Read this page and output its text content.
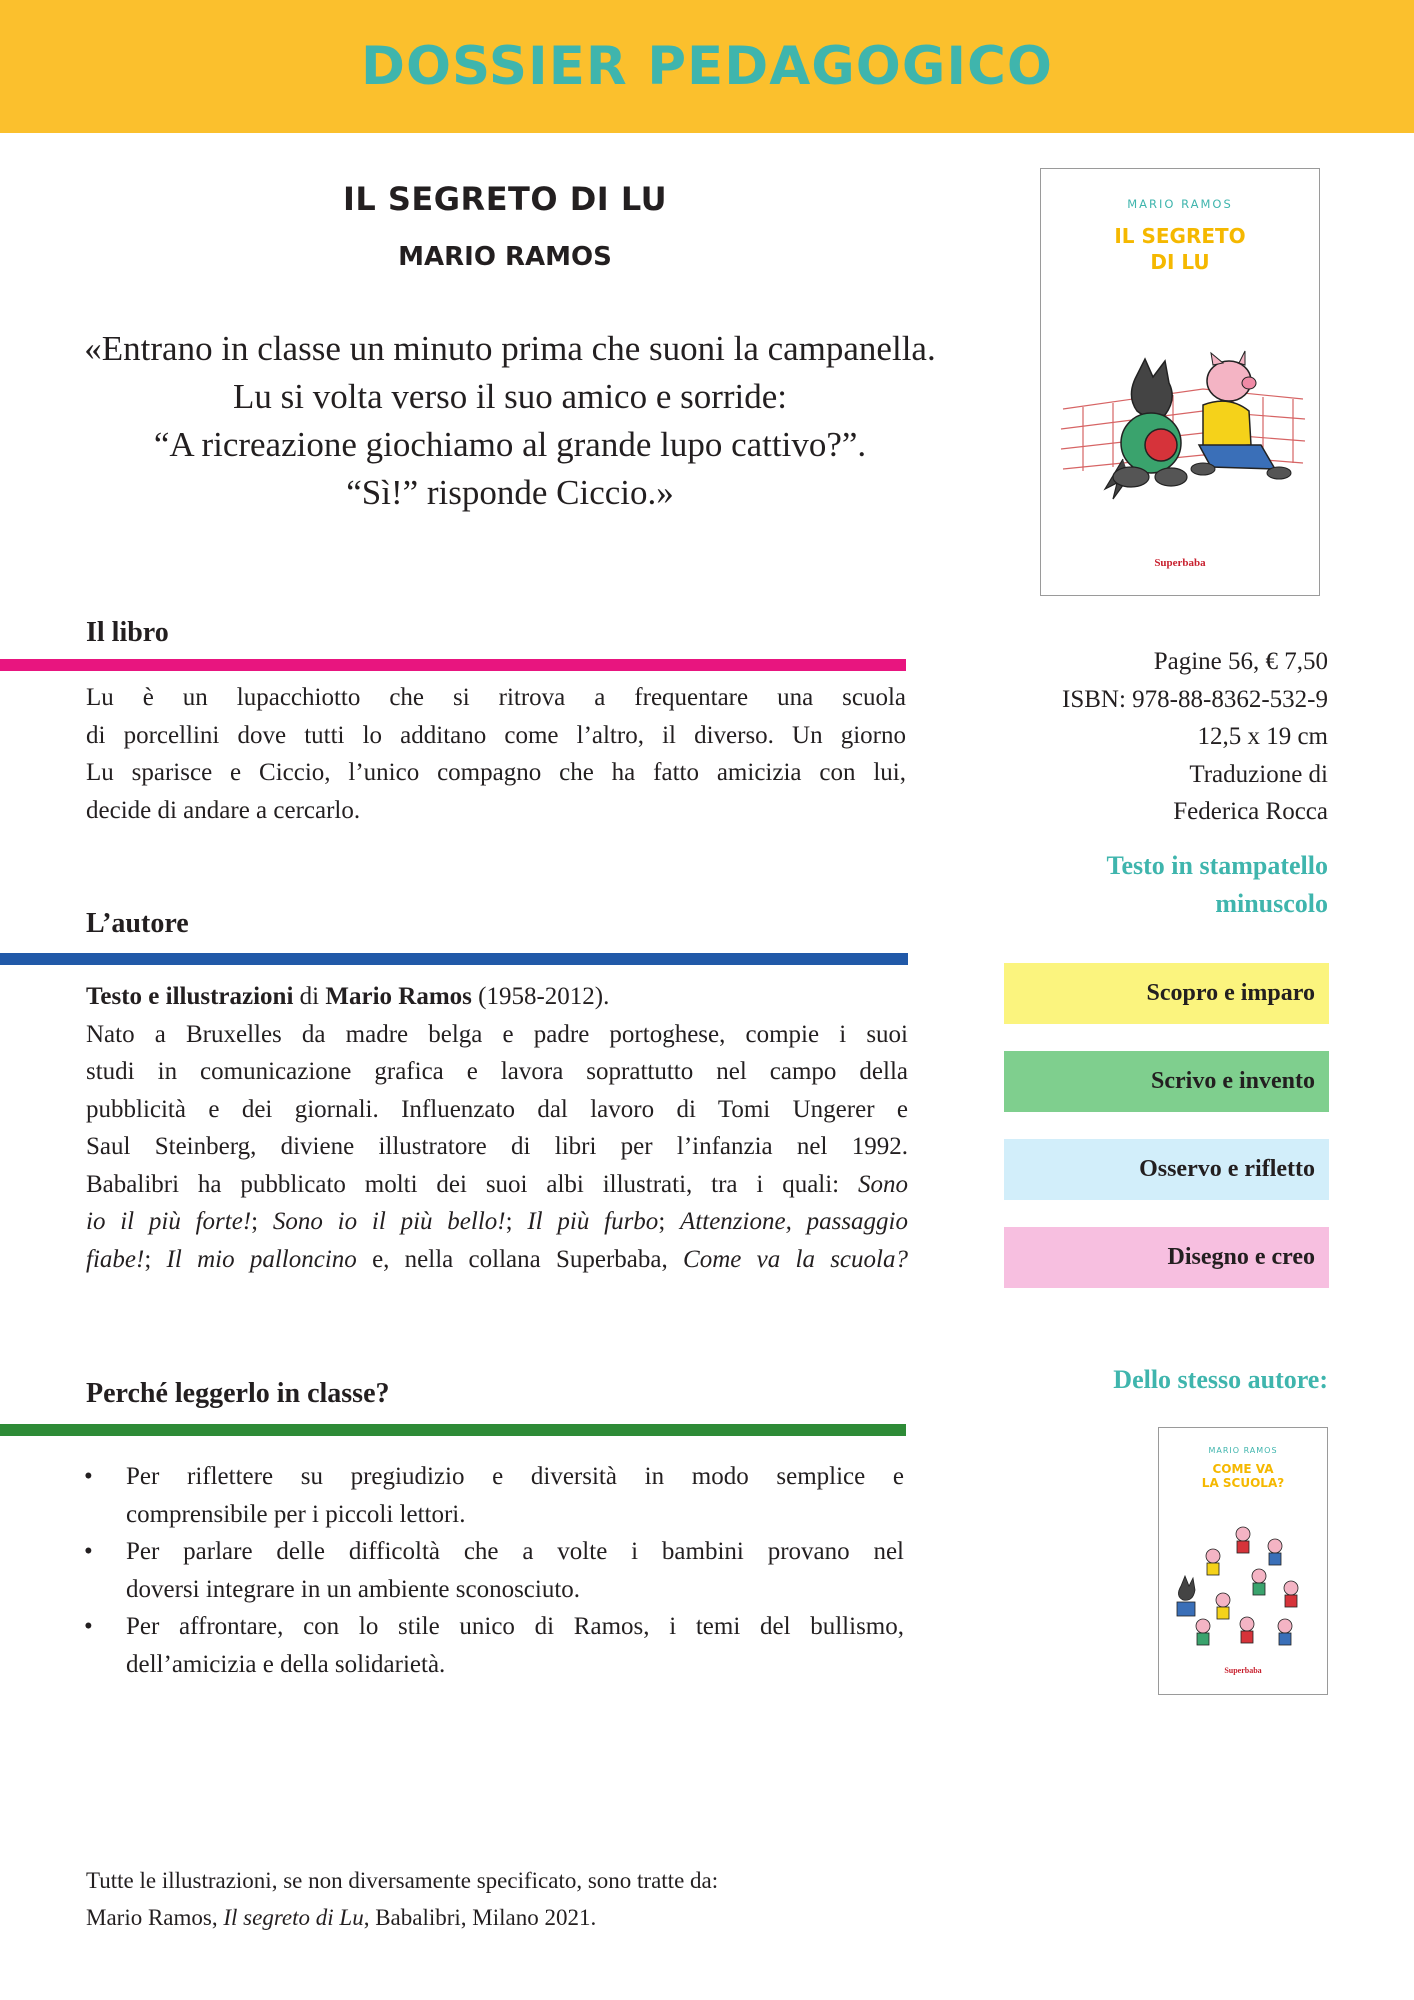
DOSSIER PEDAGOGICO
IL SEGRETO DI LU
MARIO RAMOS
«Entrano in classe un minuto prima che suoni la campanella.
Lu si volta verso il suo amico e sorride:
“A ricreazione giochiamo al grande lupo cattivo?”.
“Sì!” risponde Ciccio.»
MARIO RAMOS
IL SEGRETO
DI LU
Superbaba
Il libro

Lu è un lupacchiotto che si ritrova a frequentare una scuola
di porcellini dove tutti lo additano come l’altro, il diverso. Un giorno
Lu sparisce e Ciccio, l’unico compagno che ha fatto amicizia con lui,
decide di andare a cercarlo.

L’autore

Testo e illustrazioni di Mario Ramos (1958-2012).
Nato a Bruxelles da madre belga e padre portoghese, compie i suoi
studi in comunicazione grafica e lavora soprattutto nel campo della
pubblicità e dei giornali. Influenzato dal lavoro di Tomi Ungerer e
Saul Steinberg, diviene illustratore di libri per l’infanzia nel 1992.
Babalibri ha pubblicato molti dei suoi albi illustrati, tra i quali: Sono
io il più forte!; Sono io il più bello!; Il più furbo; Attenzione, passaggio
fiabe!; Il mio palloncino e, nella collana Superbaba, Come va la scuola?

Perché leggerlo in classe?
• Per riflettere su pregiudizio e diversità in modo semplice e
comprensibile per i piccoli lettori.
• Per parlare delle difficoltà che a volte i bambini provano nel
doversi integrare in un ambiente sconosciuto.
• Per affrontare, con lo stile unico di Ramos, i temi del bullismo,
dell’amicizia e della solidarietà.
Pagine 56, € 7,50
ISBN: 978-88-8362-532-9
12,5 x 19 cm
Traduzione di
Federica Rocca
Testo in stampatello
minuscolo
Scopro e imparo
Scrivo e invento
Osservo e rifletto
Disegno e creo
Dello stesso autore:
MARIO RAMOS
COME VA
LA SCUOLA?
Superbaba
Tutte le illustrazioni, se non diversamente specificato, sono tratte da:
Mario Ramos, Il segreto di Lu, Babalibri, Milano 2021.
